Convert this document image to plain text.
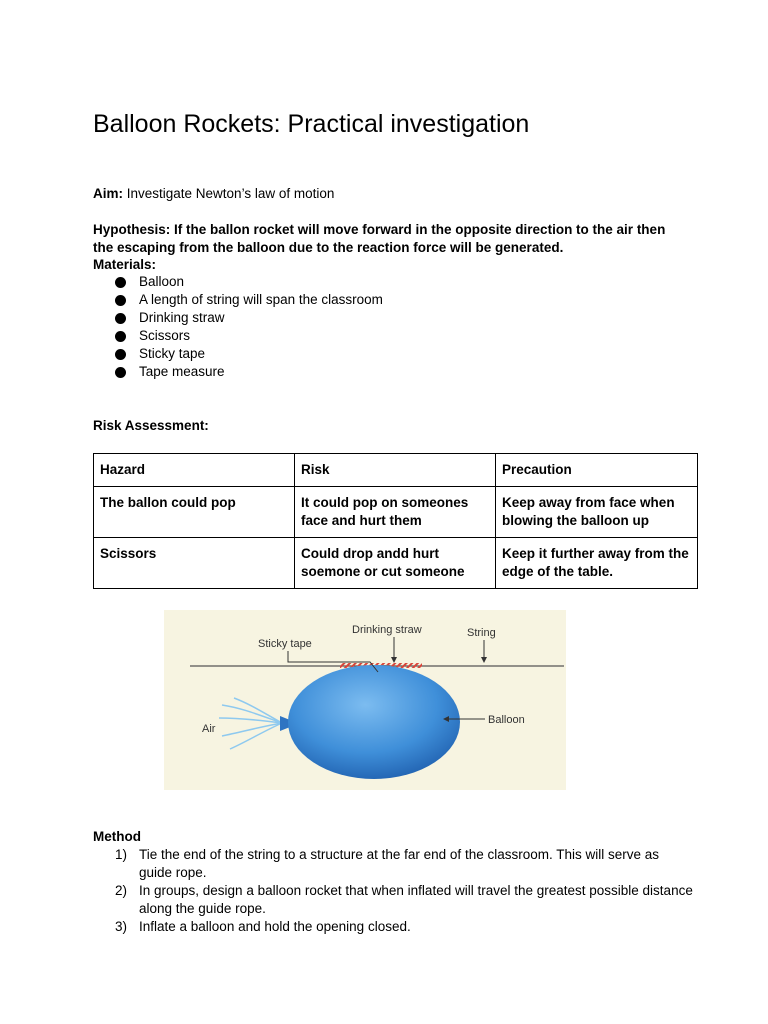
Balloon Rockets: Practical investigation
Aim: Investigate Newton’s law of motion
Hypothesis: If the ballon rocket will move forward in the opposite direction to the air then the escaping from the balloon due to the reaction force will be generated.
Materials:
Balloon
A length of string will span the classroom
Drinking straw
Scissors
Sticky tape
Tape measure
Risk Assessment:
Hazard	Risk	Precaution
The ballon could pop	It could pop on someones face and hurt them	Keep away from face when blowing the balloon up
Scissors	Could drop andd hurt soemone or cut someone	Keep it further away from the edge of the table.
Drinking straw	String
Sticky tape
Air
Balloon
Method
1) Tie the end of the string to a structure at the far end of the classroom. This will serve as guide rope.
2) In groups, design a balloon rocket that when inflated will travel the greatest possible distance along the guide rope.
3) Inflate a balloon and hold the opening closed.
